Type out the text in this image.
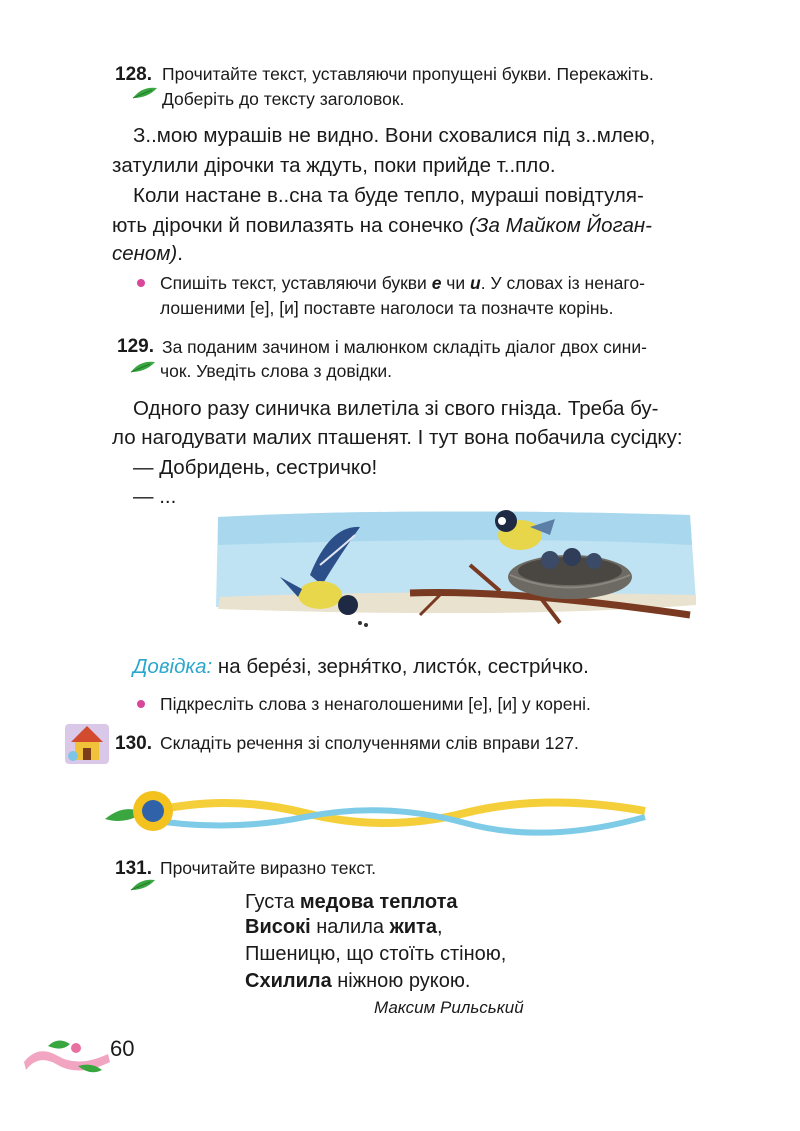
128. Прочитайте текст, уставляючи пропущені букви. Перекажіть.
Доберіть до тексту заголовок.
З..мою мурашів не видно. Вони сховалися під з..млею,
затулили дірочки та ждуть, поки прийде т..пло.
Коли настане в..сна та буде тепло, мураші повідтуля-
ють дірочки й повилазять на сонечко (За Майком Йоган-
сеном).
Спишіть текст, уставляючи букви е чи и. У словах із ненаго-
лошеними [е], [и] поставте наголоси та позначте корінь.
129. За поданим зачином і малюнком складіть діалог двох сини-
чок. Уведіть слова з довідки.
Одного разу синичка вилетіла зі свого гнізда. Треба бу-
ло нагодувати малих пташенят. І тут вона побачила сусідку:
— Добридень, сестричко!
— ...
Довідка: на бере́зі, зерня́тко, листо́к, сестри́чко.
Підкресліть слова з ненаголошеними [е], [и] у корені.
130. Складіть речення зі сполученнями слів вправи 127.
131. Прочитайте виразно текст.
Густа медова теплота
Високі налила жита,
Пшеницю, що стоїть стіною,
Схилила ніжною рукою.
Максим Рильський
60
